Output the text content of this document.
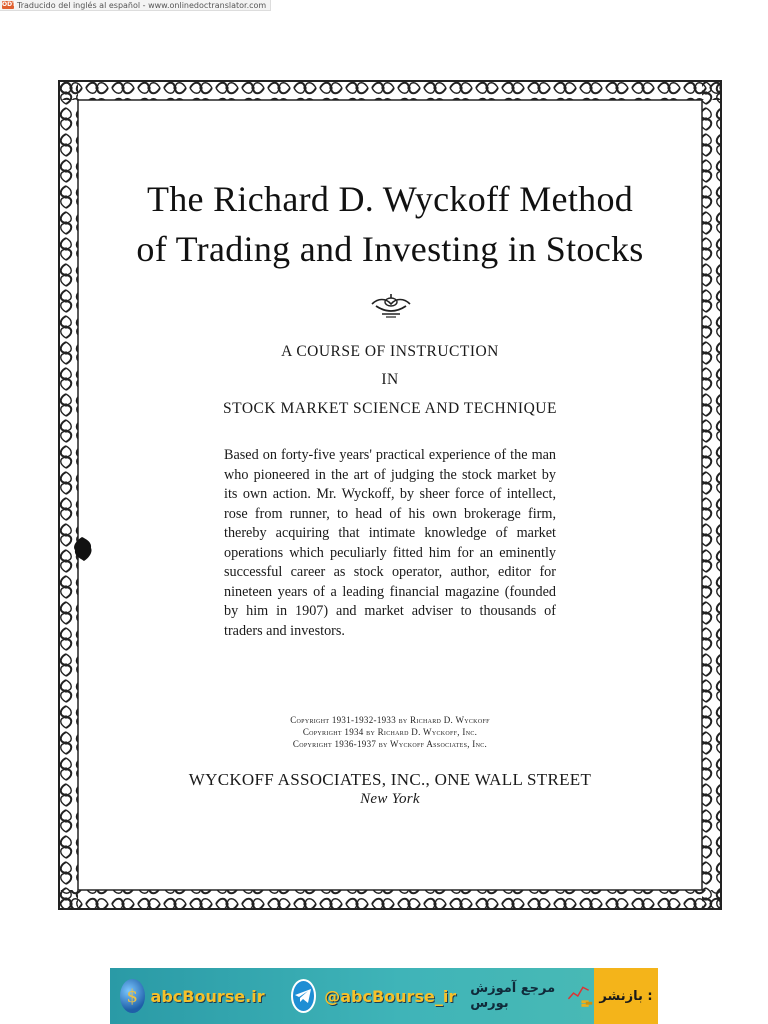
ODT Traducido del inglés al español - www.onlinedoctranslator.com
The Richard D. Wyckoff Method
of Trading and Investing in Stocks
A COURSE OF INSTRUCTION
IN
STOCK MARKET SCIENCE AND TECHNIQUE
Based on forty-five years' practical experience of the man who pioneered in the art of judging the stock market by its own action. Mr. Wyckoff, by sheer force of intellect, rose from runner, to head of his own brokerage firm, thereby acquiring that intimate knowledge of market operations which peculiarly fitted him for an eminently successful career as stock operator, author, editor for nineteen years of a leading financial magazine (founded by him in 1907) and market adviser to thousands of traders and investors.
Copyright 1931-1932-1933 by Richard D. Wyckoff
Copyright 1934 by Richard D. Wyckoff, Inc.
Copyright 1936-1937 by Wyckoff Associates, Inc.
WYCKOFF ASSOCIATES, INC., ONE WALL STREET
New York
$ abcBourse.ir	@abcBourse_ir مرجع آموزش بورس	بازنشر :
